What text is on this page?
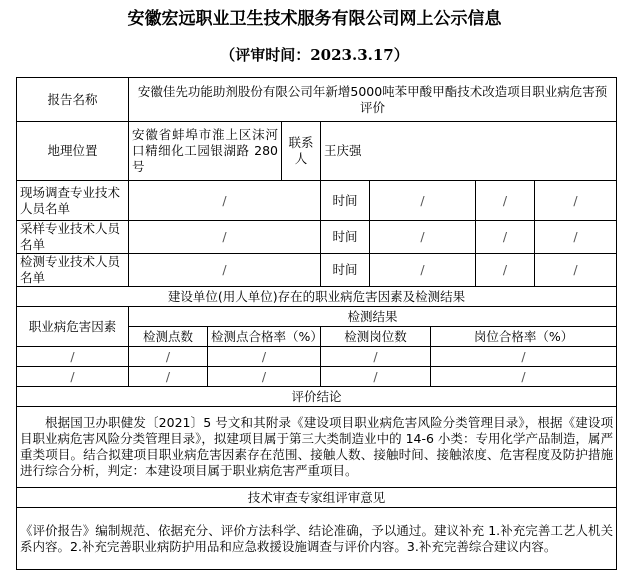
安徽宏远职业卫生技术服务有限公司网上公示信息
（评审时间：2023.3.17）
报告名称	安徽佳先功能助剂股份有限公司年新增5000吨苯甲酸甲酯技术改造项目职业病危害预评价							
地理位置	安徽省蚌埠市淮上区沫河口精细化工园银湖路 280 号		联系人	王庆强				
现场调查专业技术人员名单	/			时间	/		/	/
采样专业技术人员名单	/			时间	/		/	/
检测专业技术人员名单	/			时间	/		/	/
建设单位(用人单位)存在的职业病危害因素及检测结果								
职业病危害因素	检测结果							
	检测点数	检测点合格率（%）		检测岗位数		岗位合格率（%）		
/	/	/		/		/		
/	/	/		/		/		
评价结论								
根据国卫办职健发〔2021〕5 号文和其附录《建设项目职业病危害风险分类管理目录》，根据《建设项目职业病危害风险分类管理目录》，拟建项目属于第三大类制造业中的 14-6 小类：专用化学产品制造，属严重类项目。结合拟建项目职业病危害因素存在范围、接触人数、接触时间、接触浓度、危害程度及防护措施进行综合分析，判定：本建设项目属于职业病危害严重项目。								
技术审查专家组评审意见								
《评价报告》编制规范、依据充分、评价方法科学、结论准确，予以通过。建议补充 1.补充完善工艺人机关系内容。2.补充完善职业病防护用品和应急救援设施调查与评价内容。3.补充完善综合建议内容。								
